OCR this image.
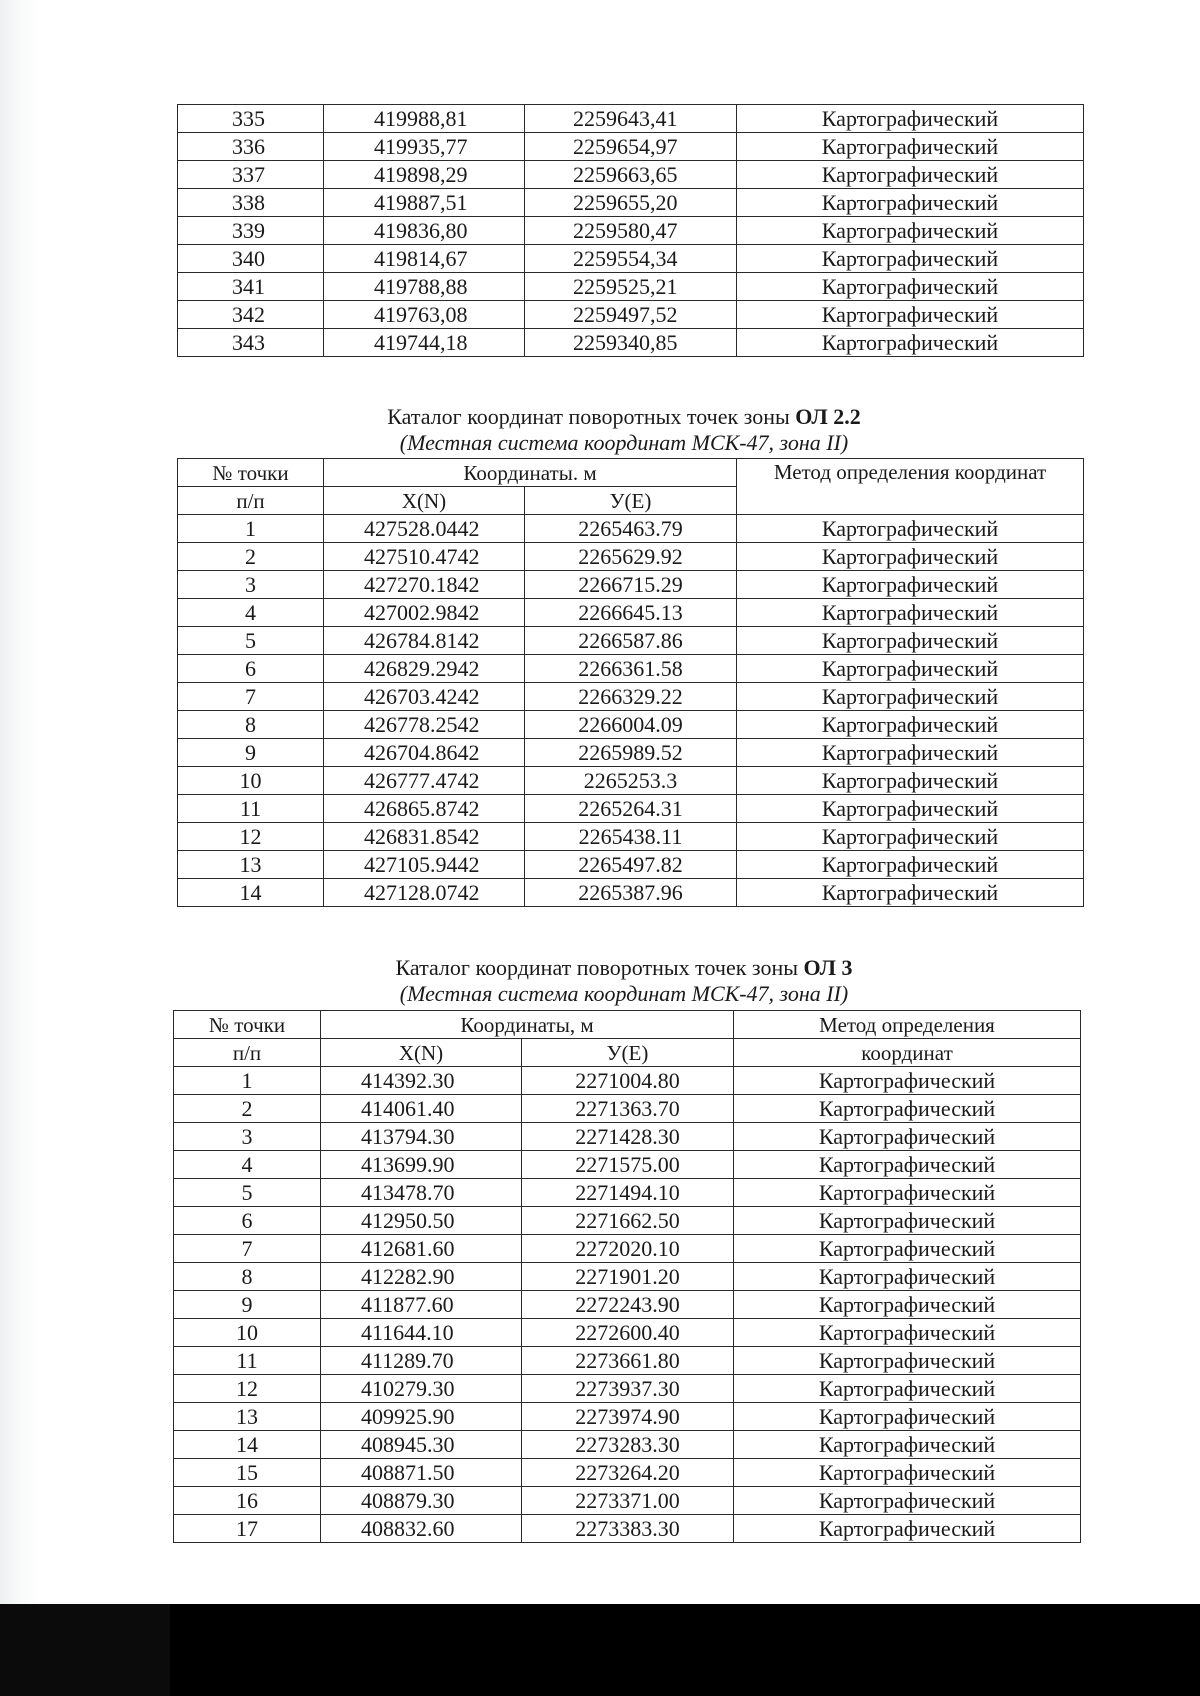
335	419988,81	2259643,41	Картографический
336	419935,77	2259654,97	Картографический
337	419898,29	2259663,65	Картографический
338	419887,51	2259655,20	Картографический
339	419836,80	2259580,47	Картографический
340	419814,67	2259554,34	Картографический
341	419788,88	2259525,21	Картографический
342	419763,08	2259497,52	Картографический
343	419744,18	2259340,85	Картографический
Каталог координат поворотных точек зоны ОЛ 2.2
(Местная система координат МСК-47, зона II)
№ точки	Координаты. м		Метод определения координат
п/п	X(N)	У(E)	
1	427528.0442	2265463.79	Картографический
2	427510.4742	2265629.92	Картографический
3	427270.1842	2266715.29	Картографический
4	427002.9842	2266645.13	Картографический
5	426784.8142	2266587.86	Картографический
6	426829.2942	2266361.58	Картографический
7	426703.4242	2266329.22	Картографический
8	426778.2542	2266004.09	Картографический
9	426704.8642	2265989.52	Картографический
10	426777.4742	2265253.3	Картографический
11	426865.8742	2265264.31	Картографический
12	426831.8542	2265438.11	Картографический
13	427105.9442	2265497.82	Картографический
14	427128.0742	2265387.96	Картографический
Каталог координат поворотных точек зоны ОЛ 3
(Местная система координат МСК-47, зона II)
№ точки	Координаты, м		Метод определения
п/п	X(N)	У(E)	координат
1	414392.30	2271004.80	Картографический
2	414061.40	2271363.70	Картографический
3	413794.30	2271428.30	Картографический
4	413699.90	2271575.00	Картографический
5	413478.70	2271494.10	Картографический
6	412950.50	2271662.50	Картографический
7	412681.60	2272020.10	Картографический
8	412282.90	2271901.20	Картографический
9	411877.60	2272243.90	Картографический
10	411644.10	2272600.40	Картографический
11	411289.70	2273661.80	Картографический
12	410279.30	2273937.30	Картографический
13	409925.90	2273974.90	Картографический
14	408945.30	2273283.30	Картографический
15	408871.50	2273264.20	Картографический
16	408879.30	2273371.00	Картографический
17	408832.60	2273383.30	Картографический
